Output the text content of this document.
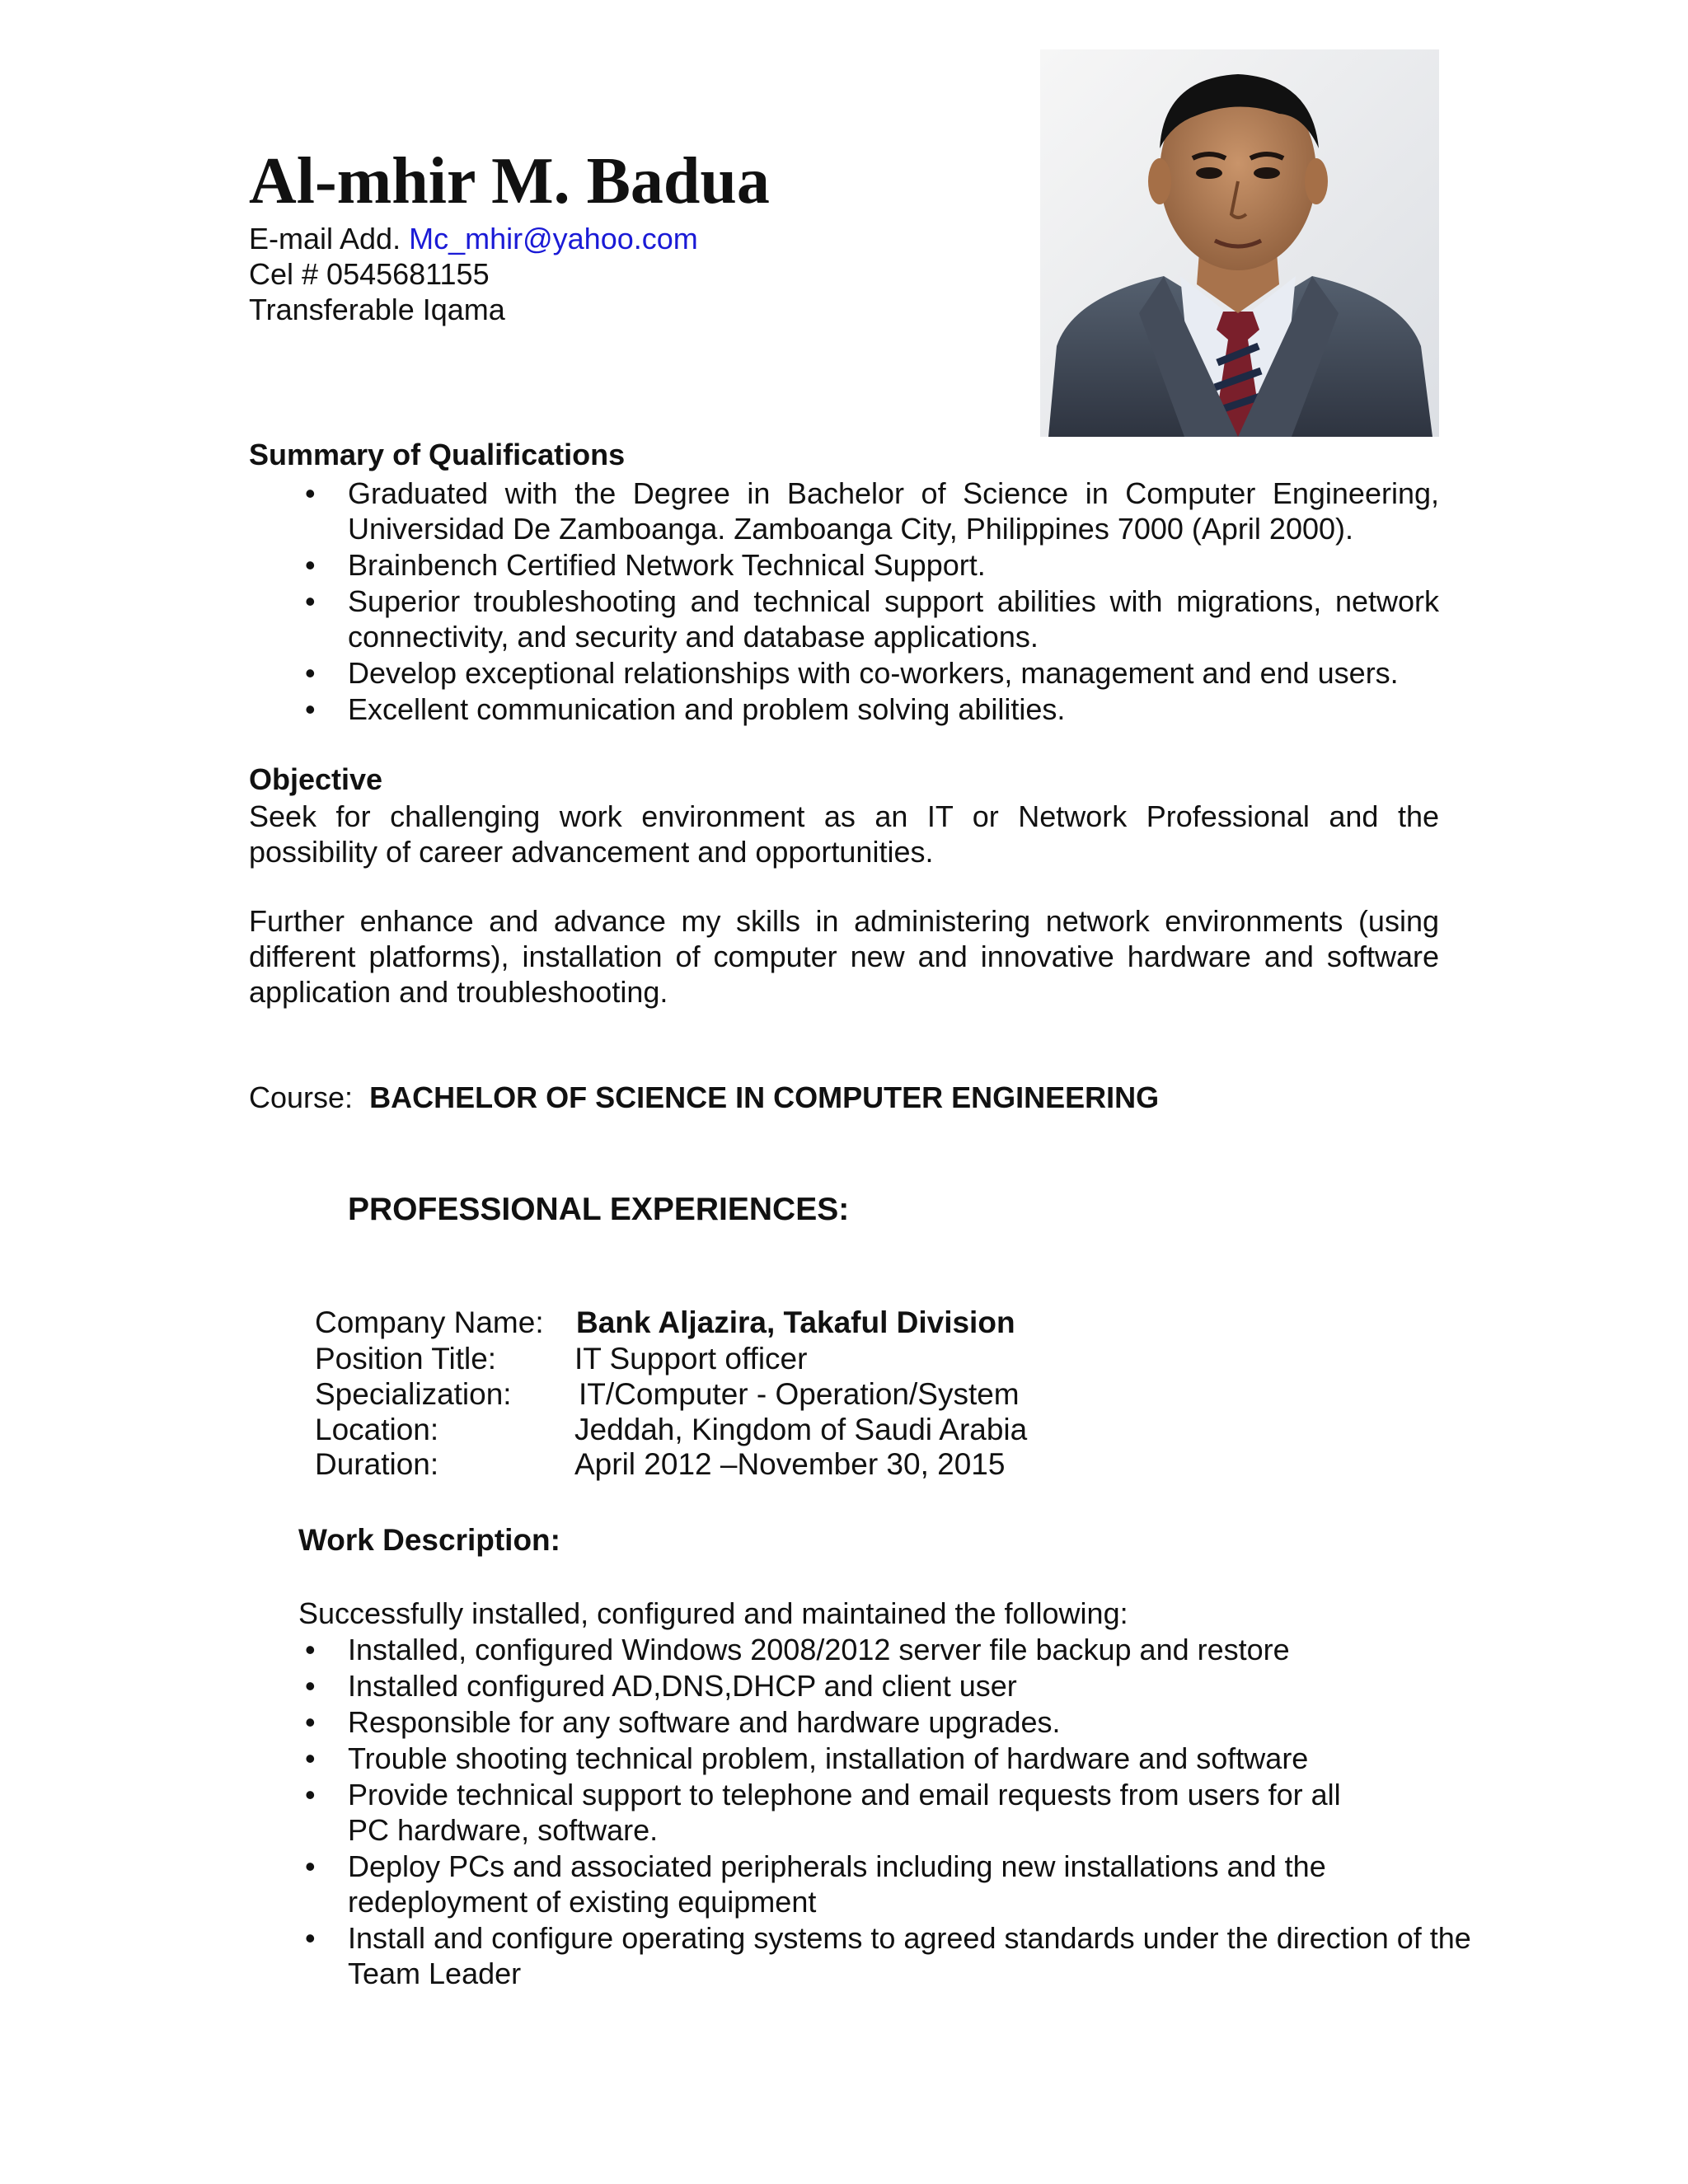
Al-mhir M. Badua
E-mail Add. Mc_mhir@yahoo.com
Cel # 0545681155
Transferable Iqama
Summary of Qualifications
• Graduated with the Degree in Bachelor of Science in Computer Engineering, Universidad De Zamboanga. Zamboanga City, Philippines 7000 (April 2000).
• Brainbench Certified Network Technical Support.
• Superior troubleshooting and technical support abilities with migrations, network connectivity, and security and database applications.
• Develop exceptional relationships with co-workers, management and end users.
• Excellent communication and problem solving abilities.
Objective
Seek for challenging work environment as an IT or Network Professional and the possibility of career advancement and opportunities.
Further enhance and advance my skills in administering network environments (using different platforms), installation of computer new and innovative hardware and software application and troubleshooting.
Course: BACHELOR OF SCIENCE IN COMPUTER ENGINEERING
PROFESSIONAL EXPERIENCES:
Company Name: Bank Aljazira, Takaful Division
Position Title:	IT Support officer
Specialization: IT/Computer - Operation/System
Location:	Jeddah, Kingdom of Saudi Arabia
Duration:	April 2012 –November 30, 2015
Work Description:
Successfully installed, configured and maintained the following:
• Installed, configured Windows 2008/2012 server file backup and restore
• Installed configured AD,DNS,DHCP and client user
• Responsible for any software and hardware upgrades.
• Trouble shooting technical problem, installation of hardware and software
• Provide technical support to telephone and email requests from users for all PC hardware, software.
• Deploy PCs and associated peripherals including new installations and the redeployment of existing equipment
• Install and configure operating systems to agreed standards under the direction of the Team Leader
